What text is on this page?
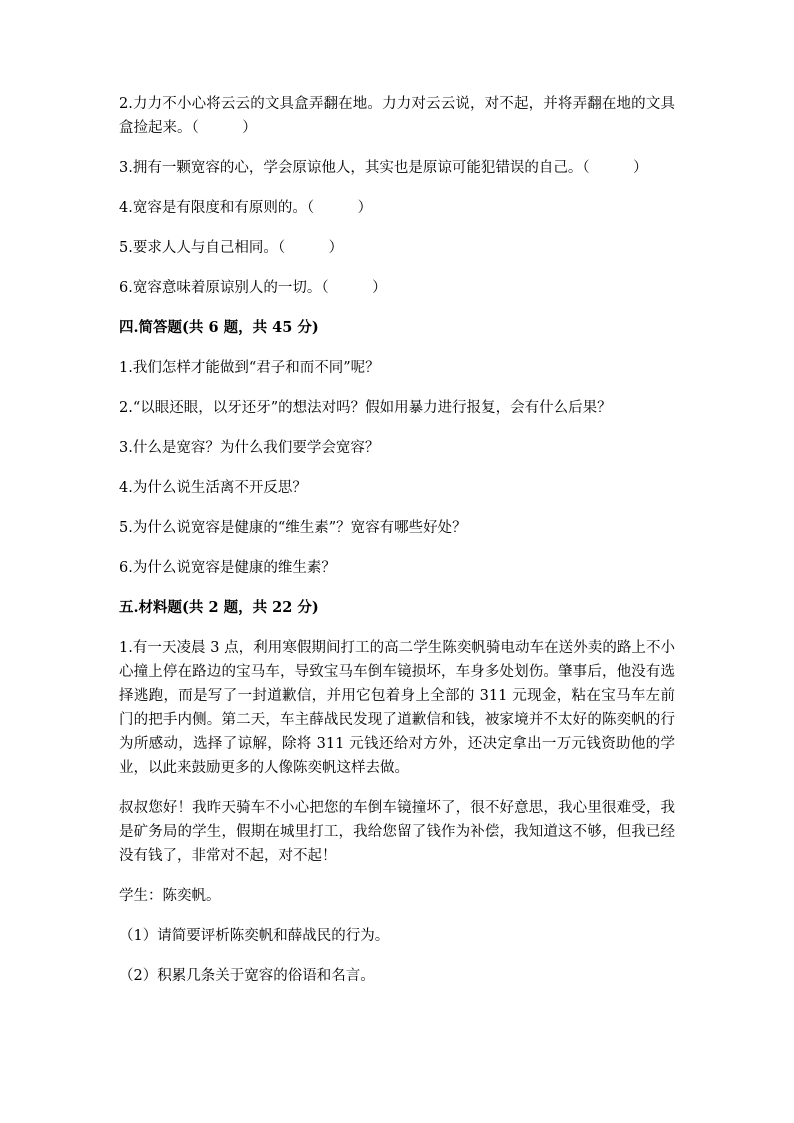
2.力力不小心将云云的文具盒弄翻在地。力力对云云说，对不起，并将弄翻在地的文具盒捡起来。（　　　）

3.拥有一颗宽容的心，学会原谅他人，其实也是原谅可能犯错误的自己。（　　　）

4.宽容是有限度和有原则的。（　　　）

5.要求人人与自己相同。（　　　）

6.宽容意味着原谅别人的一切。（　　　）

四.简答题(共 6 题，共 45 分)

1.我们怎样才能做到“君子和而不同”呢？

2.“以眼还眼，以牙还牙”的想法对吗？假如用暴力进行报复，会有什么后果？

3.什么是宽容？为什么我们要学会宽容？

4.为什么说生活离不开反思？

5.为什么说宽容是健康的“维生素”？宽容有哪些好处？

6.为什么说宽容是健康的维生素？

五.材料题(共 2 题，共 22 分)

1.有一天凌晨 3 点，利用寒假期间打工的高二学生陈奕帆骑电动车在送外卖的路上不小心撞上停在路边的宝马车，导致宝马车倒车镜损坏，车身多处划伤。肇事后，他没有选择逃跑，而是写了一封道歉信，并用它包着身上全部的 311 元现金，粘在宝马车左前门的把手内侧。第二天，车主薛战民发现了道歉信和钱，被家境并不太好的陈奕帆的行为所感动，选择了谅解，除将 311 元钱还给对方外，还决定拿出一万元钱资助他的学业，以此来鼓励更多的人像陈奕帆这样去做。

叔叔您好！我昨天骑车不小心把您的车倒车镜撞坏了，很不好意思，我心里很难受，我是矿务局的学生，假期在城里打工，我给您留了钱作为补偿，我知道这不够，但我已经没有钱了，非常对不起，对不起！

学生：陈奕帆。

（1）请简要评析陈奕帆和薛战民的行为。

（2）积累几条关于宽容的俗语和名言。
